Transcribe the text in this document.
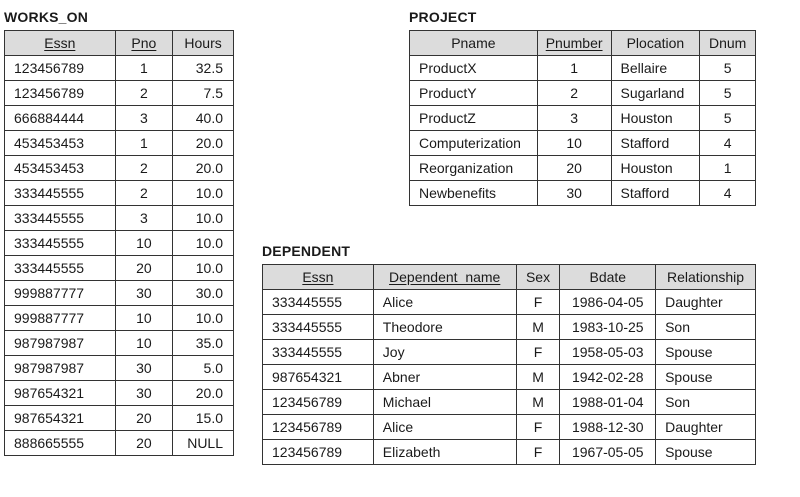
WORKS_ON
Essn	Pno	Hours
123456789	1	32.5
123456789	2	7.5
666884444	3	40.0
453453453	1	20.0
453453453	2	20.0
333445555	2	10.0
333445555	3	10.0
333445555	10	10.0
333445555	20	10.0
999887777	30	30.0
999887777	10	10.0
987987987	10	35.0
987987987	30	5.0
987654321	30	20.0
987654321	20	15.0
888665555	20	NULL
PROJECT
Pname	Pnumber	Plocation	Dnum
ProductX	1	Bellaire	5
ProductY	2	Sugarland	5
ProductZ	3	Houston	5
Computerization	10	Stafford	4
Reorganization	20	Houston	1
Newbenefits	30	Stafford	4
DEPENDENT
Essn	Dependent_name	Sex	Bdate	Relationship
333445555	Alice	F	1986-04-05	Daughter
333445555	Theodore	M	1983-10-25	Son
333445555	Joy	F	1958-05-03	Spouse
987654321	Abner	M	1942-02-28	Spouse
123456789	Michael	M	1988-01-04	Son
123456789	Alice	F	1988-12-30	Daughter
123456789	Elizabeth	F	1967-05-05	Spouse
